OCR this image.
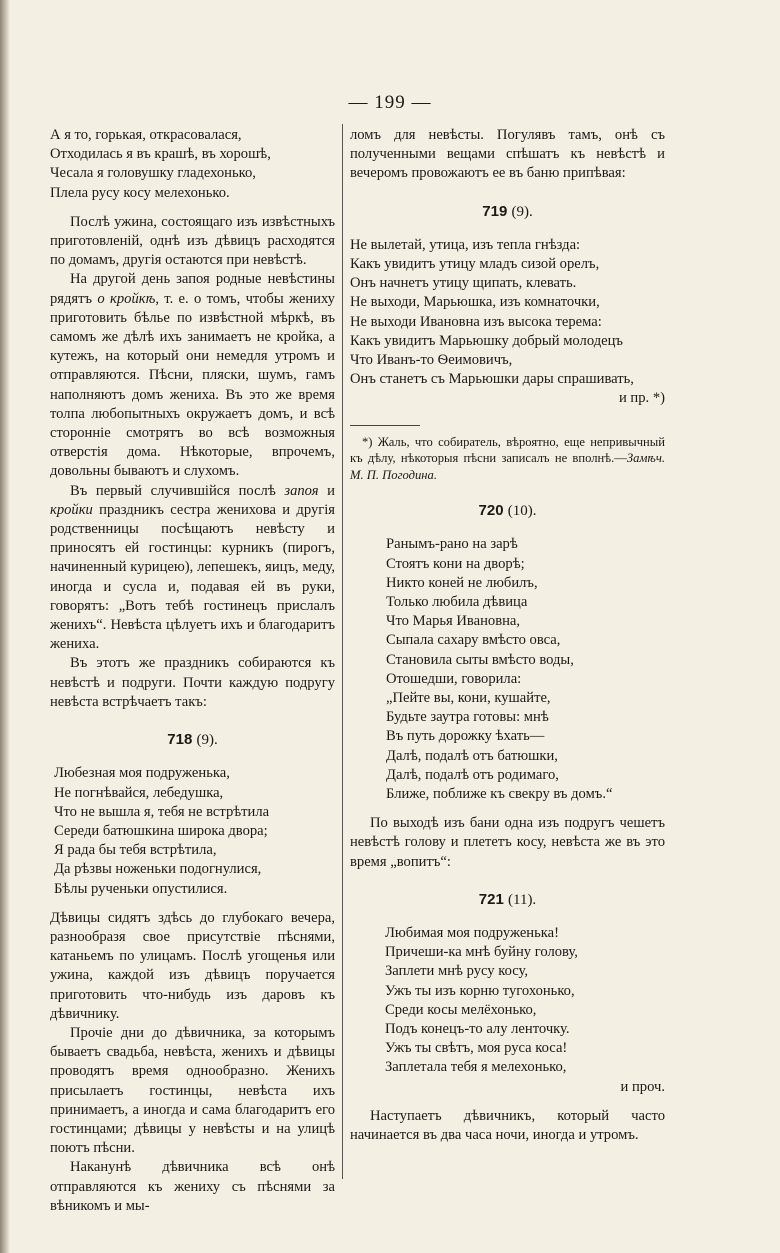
— 199 —
А я то, горькая, открасовалася,
Отходилась я въ крашѣ, въ хорошѣ,
Чесала я головушку гладехонько,
Плела русу косу мелехонько.

Послѣ ужина, состоящаго изъ извѣстныхъ приготовленій, однѣ изъ дѣвицъ расходятся по домамъ, другія остаются при невѣстѣ.

На другой день запоя родные невѣстины рядятъ о кройкѣ, т. е. о томъ, чтобы жениху приготовить бѣлье по извѣстной мѣркѣ, въ самомъ же дѣлѣ ихъ занимаетъ не кройка, а кутежъ, на который они немедля утромъ и отправляются. Пѣсни, пляски, шумъ, гамъ наполняютъ домъ жениха. Въ это же время толпа любопытныхъ окружаетъ домъ, и всѣ сторонніе смотрятъ во всѣ возможныя отверстія дома. Нѣкоторые, впрочемъ, довольны бываютъ и слухомъ.

Въ первый случившійся послѣ запоя и кройки праздникъ сестра женихова и другія родственницы посѣщаютъ невѣсту и приносятъ ей гостинцы: курникъ (пирогъ, начиненный курицею), лепешекъ, яицъ, меду, иногда и сусла и, подавая ей въ руки, говорятъ: „Вотъ тебѣ гостинецъ прислалъ женихъ“. Невѣста цѣлуетъ ихъ и благодаритъ жениха.

Въ этотъ же праздникъ собираются къ невѣстѣ и подруги. Почти каждую подругу невѣста встрѣчаетъ такъ:

718 (9).
Любезная моя подруженька,
Не погнѣвайся, лебедушка,
Что не вышла я, тебя не встрѣтила
Середи батюшкина широка двора;
Я рада бы тебя встрѣтила,
Да рѣзвы ноженьки подогнулися,
Бѣлы рученьки опустилися.

Дѣвицы сидятъ здѣсь до глубокаго вечера, разнообразя свое присутствіе пѣснями, катаньемъ по улицамъ. Послѣ угощенья или ужина, каждой изъ дѣвицъ поручается приготовить что-нибудь изъ даровъ къ дѣвичнику.

Прочіе дни до дѣвичника, за которымъ бываетъ свадьба, невѣста, женихъ и дѣвицы проводятъ время однообразно. Женихъ присылаетъ гостинцы, невѣста ихъ принимаетъ, а иногда и сама благодаритъ его гостинцами; дѣвицы у невѣсты и на улицѣ поютъ пѣсни.

Наканунѣ дѣвичника всѣ онѣ отправляются къ жениху съ пѣснями за вѣникомъ и мы-

ломъ для невѣсты. Погулявъ тамъ, онѣ съ полученными вещами спѣшатъ къ невѣстѣ и вечеромъ провожаютъ ее въ баню припѣвая:

719 (9).
Не вылетай, утица, изъ тепла гнѣзда:
Какъ увидитъ утицу младъ сизой орелъ,
Онъ начнетъ утицу щипать, клевать.
Не выходи, Марьюшка, изъ комнаточки,
Не выходи Ивановна изъ высока терема:
Какъ увидитъ Марьюшку добрый молодецъ
Что Иванъ-то Ѳеимовичъ,
Онъ станетъ съ Марьюшки дары спрашивать,
и пр. *)
*) Жаль, что собиратель, вѣроятно, еще непривычный къ дѣлу, нѣкоторыя пѣсни записалъ не вполнѣ.—Замѣч. М. П. Погодина.
720 (10).
Ранымъ-рано на зарѣ
Стоятъ кони на дворѣ;
Никто коней не любилъ,
Только любила дѣвица
Что Марья Ивановна,
Сыпала сахару вмѣсто овса,
Становила сыты вмѣсто воды,
Отошедши, говорила:
„Пейте вы, кони, кушайте,
Будьте заутра готовы: мнѣ
Въ путь дорожку ѣхать—
Далѣ, подалѣ отъ батюшки,
Далѣ, подалѣ отъ родимаго,
Ближе, поближе къ свекру въ домъ.“

По выходѣ изъ бани одна изъ подругъ чешетъ невѣстѣ голову и плететъ косу, невѣста же въ это время „вопитъ“:

721 (11).
Любимая моя подруженька!
Причеши-ка мнѣ буйну голову,
Заплети мнѣ русу косу,
Ужъ ты изъ корню тугохонько,
Среди косы мелёхонько,
Подъ конецъ-то алу ленточку.
Ужъ ты свѣтъ, моя руса коса!
Заплетала тебя я мелехонько,
и проч.

Наступаетъ дѣвичникъ, который часто начинается въ два часа ночи, иногда и утромъ.
